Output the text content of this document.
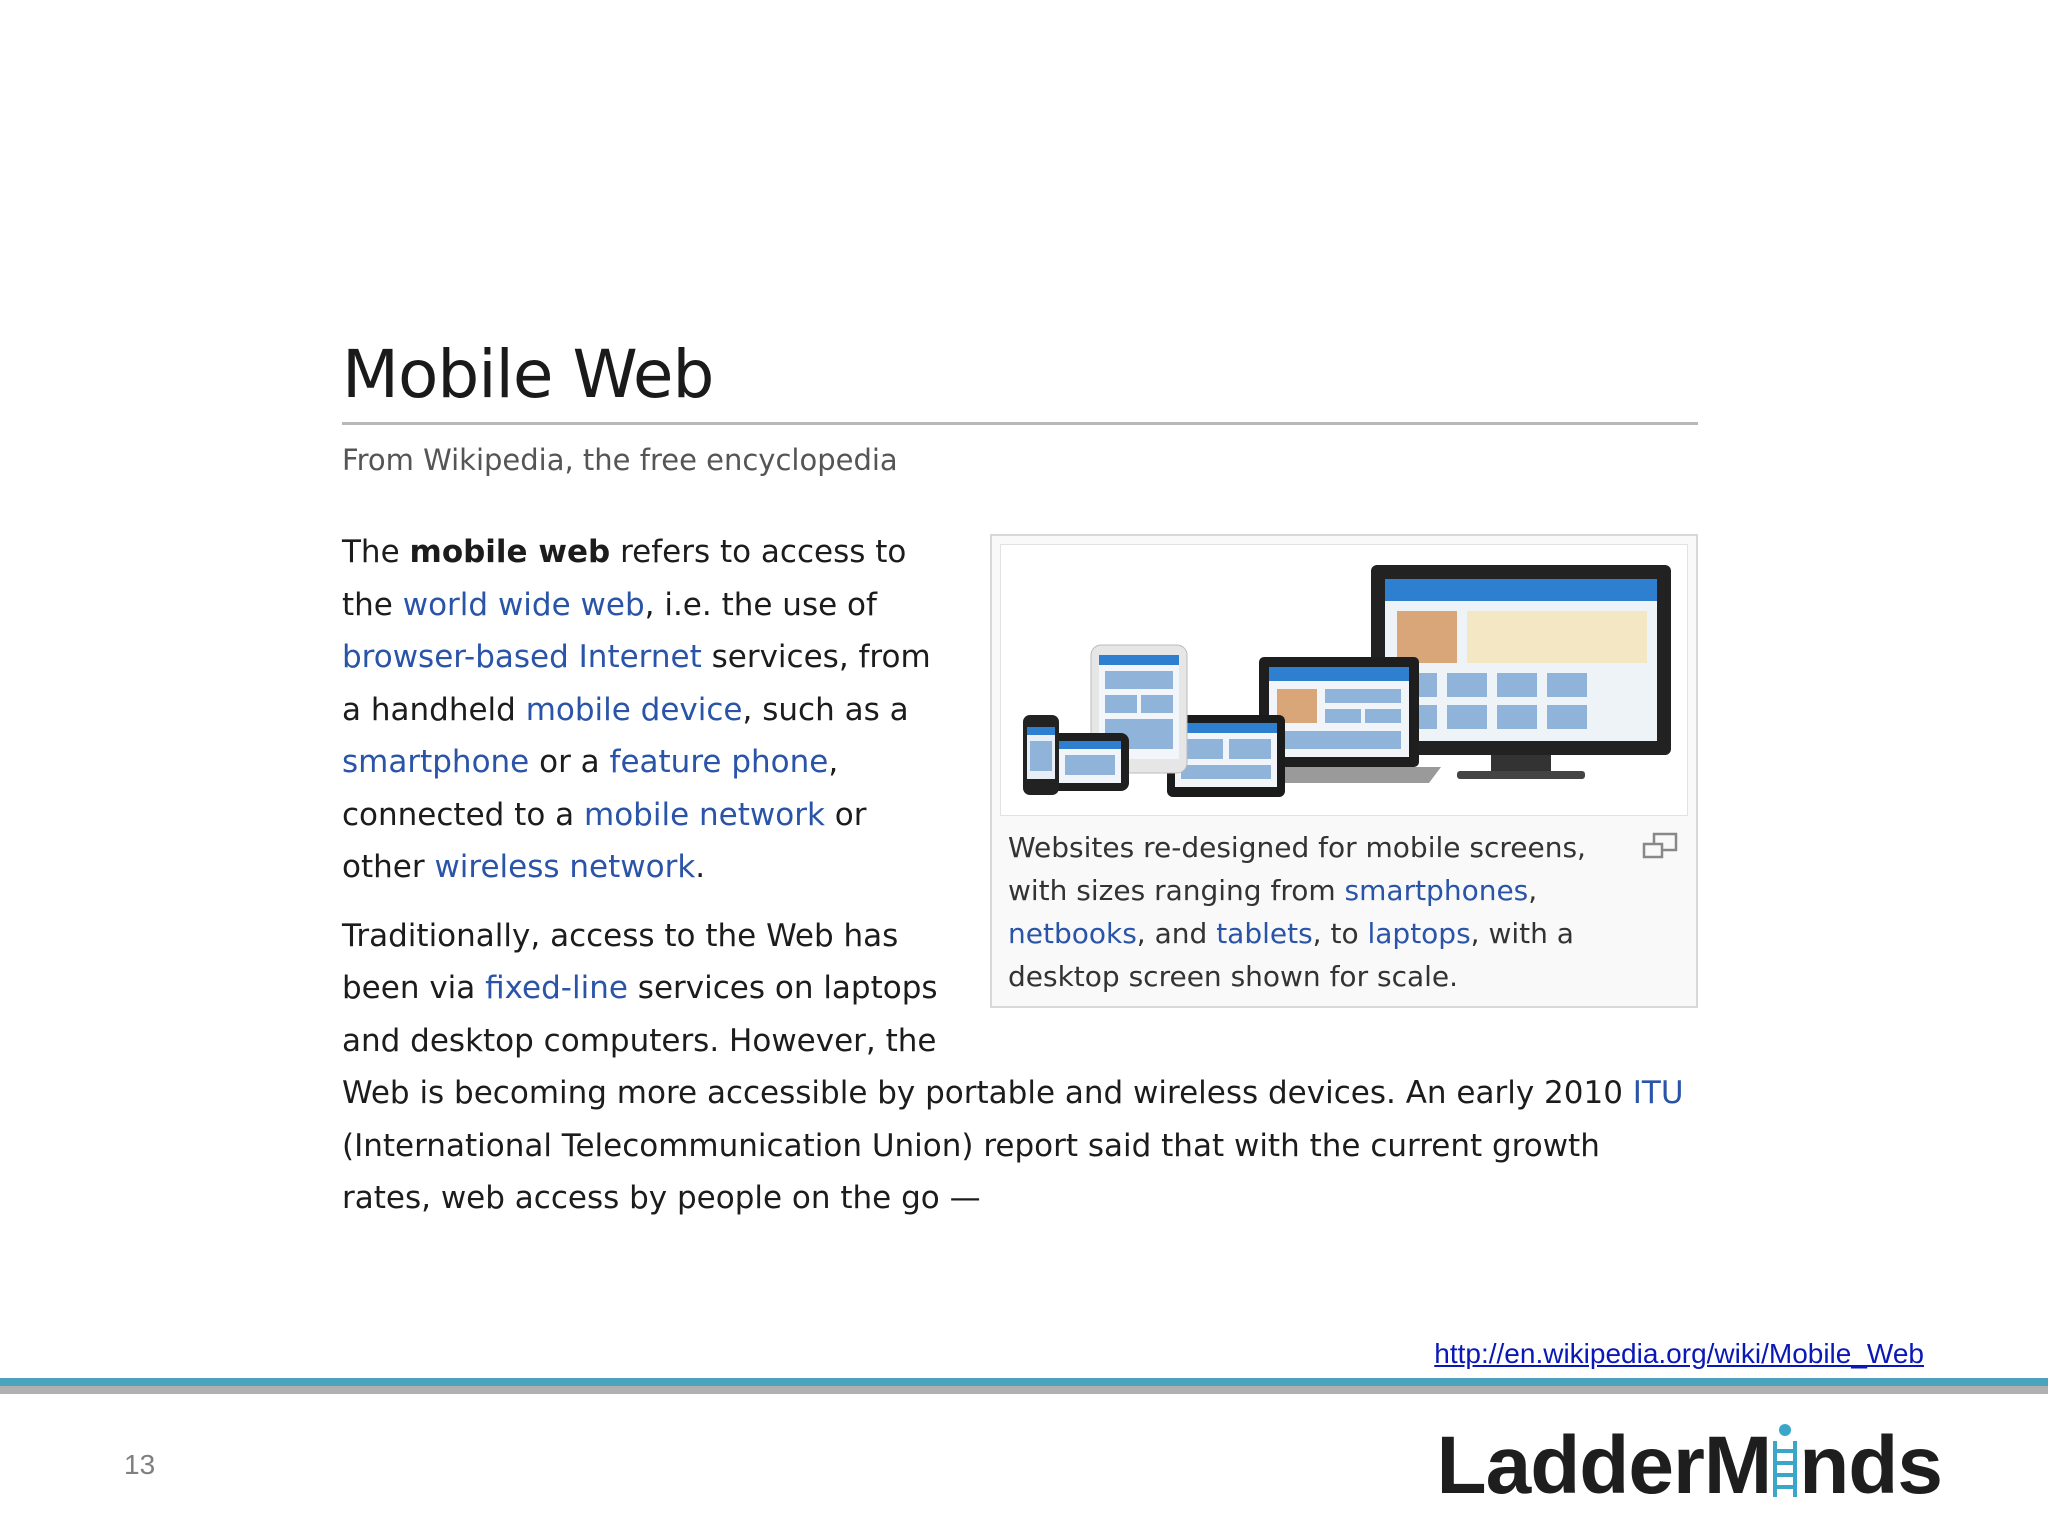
Mobile Web
From Wikipedia, the free encyclopedia
Websites re-designed for mobile screens, with sizes ranging from smartphones, netbooks, and tablets, to laptops, with a desktop screen shown for scale.

The mobile web refers to access to the world wide web, i.e. the use of
browser-based Internet services, from a handheld mobile device, such as a
smartphone or a feature phone, connected to a mobile network or other wireless network.

Traditionally, access to the Web has been via fixed-line services on laptops and desktop computers. However, the Web is becoming more accessible by portable and wireless devices. An early 2010 ITU (International Telecommunication Union) report said that with the current growth rates, web access by people on the go —

http://en.wikipedia.org/wiki/Mobile_Web
13	LadderM nds
